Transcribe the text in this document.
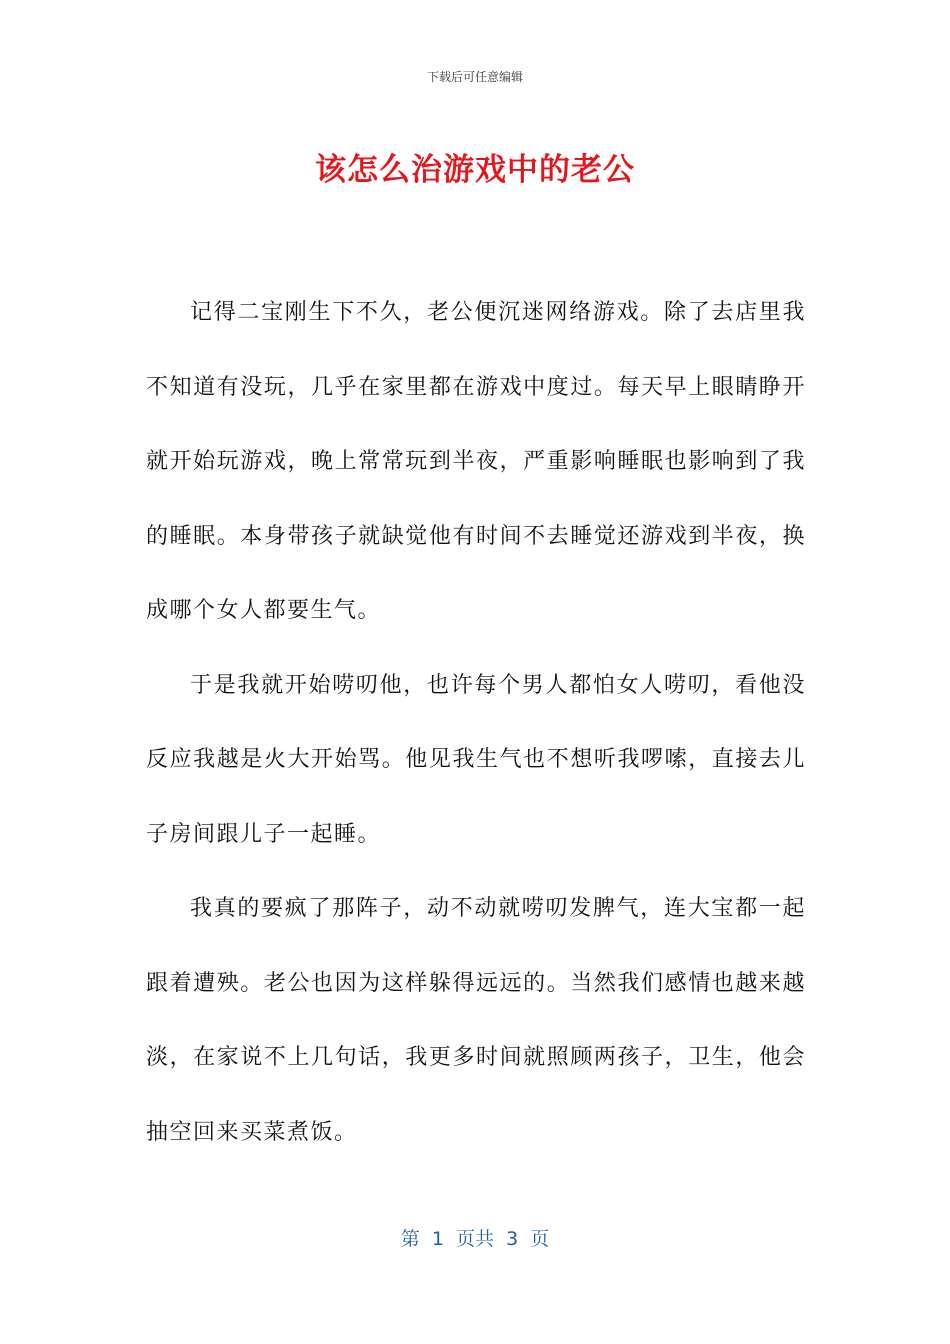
下载后可任意编辑
该怎么治游戏中的老公

记得二宝刚生下不久，老公便沉迷网络游戏。除了去店里我不知道有没玩，几乎在家里都在游戏中度过。每天早上眼睛睁开就开始玩游戏，晚上常常玩到半夜，严重影响睡眠也影响到了我的睡眠。本身带孩子就缺觉他有时间不去睡觉还游戏到半夜，换成哪个女人都要生气。

于是我就开始唠叨他，也许每个男人都怕女人唠叨，看他没反应我越是火大开始骂。他见我生气也不想听我啰嗦，直接去儿子房间跟儿子一起睡。

我真的要疯了那阵子，动不动就唠叨发脾气，连大宝都一起跟着遭殃。老公也因为这样躲得远远的。当然我们感情也越来越淡，在家说不上几句话，我更多时间就照顾两孩子，卫生，他会抽空回来买菜煮饭。

第  1  页共  3  页
